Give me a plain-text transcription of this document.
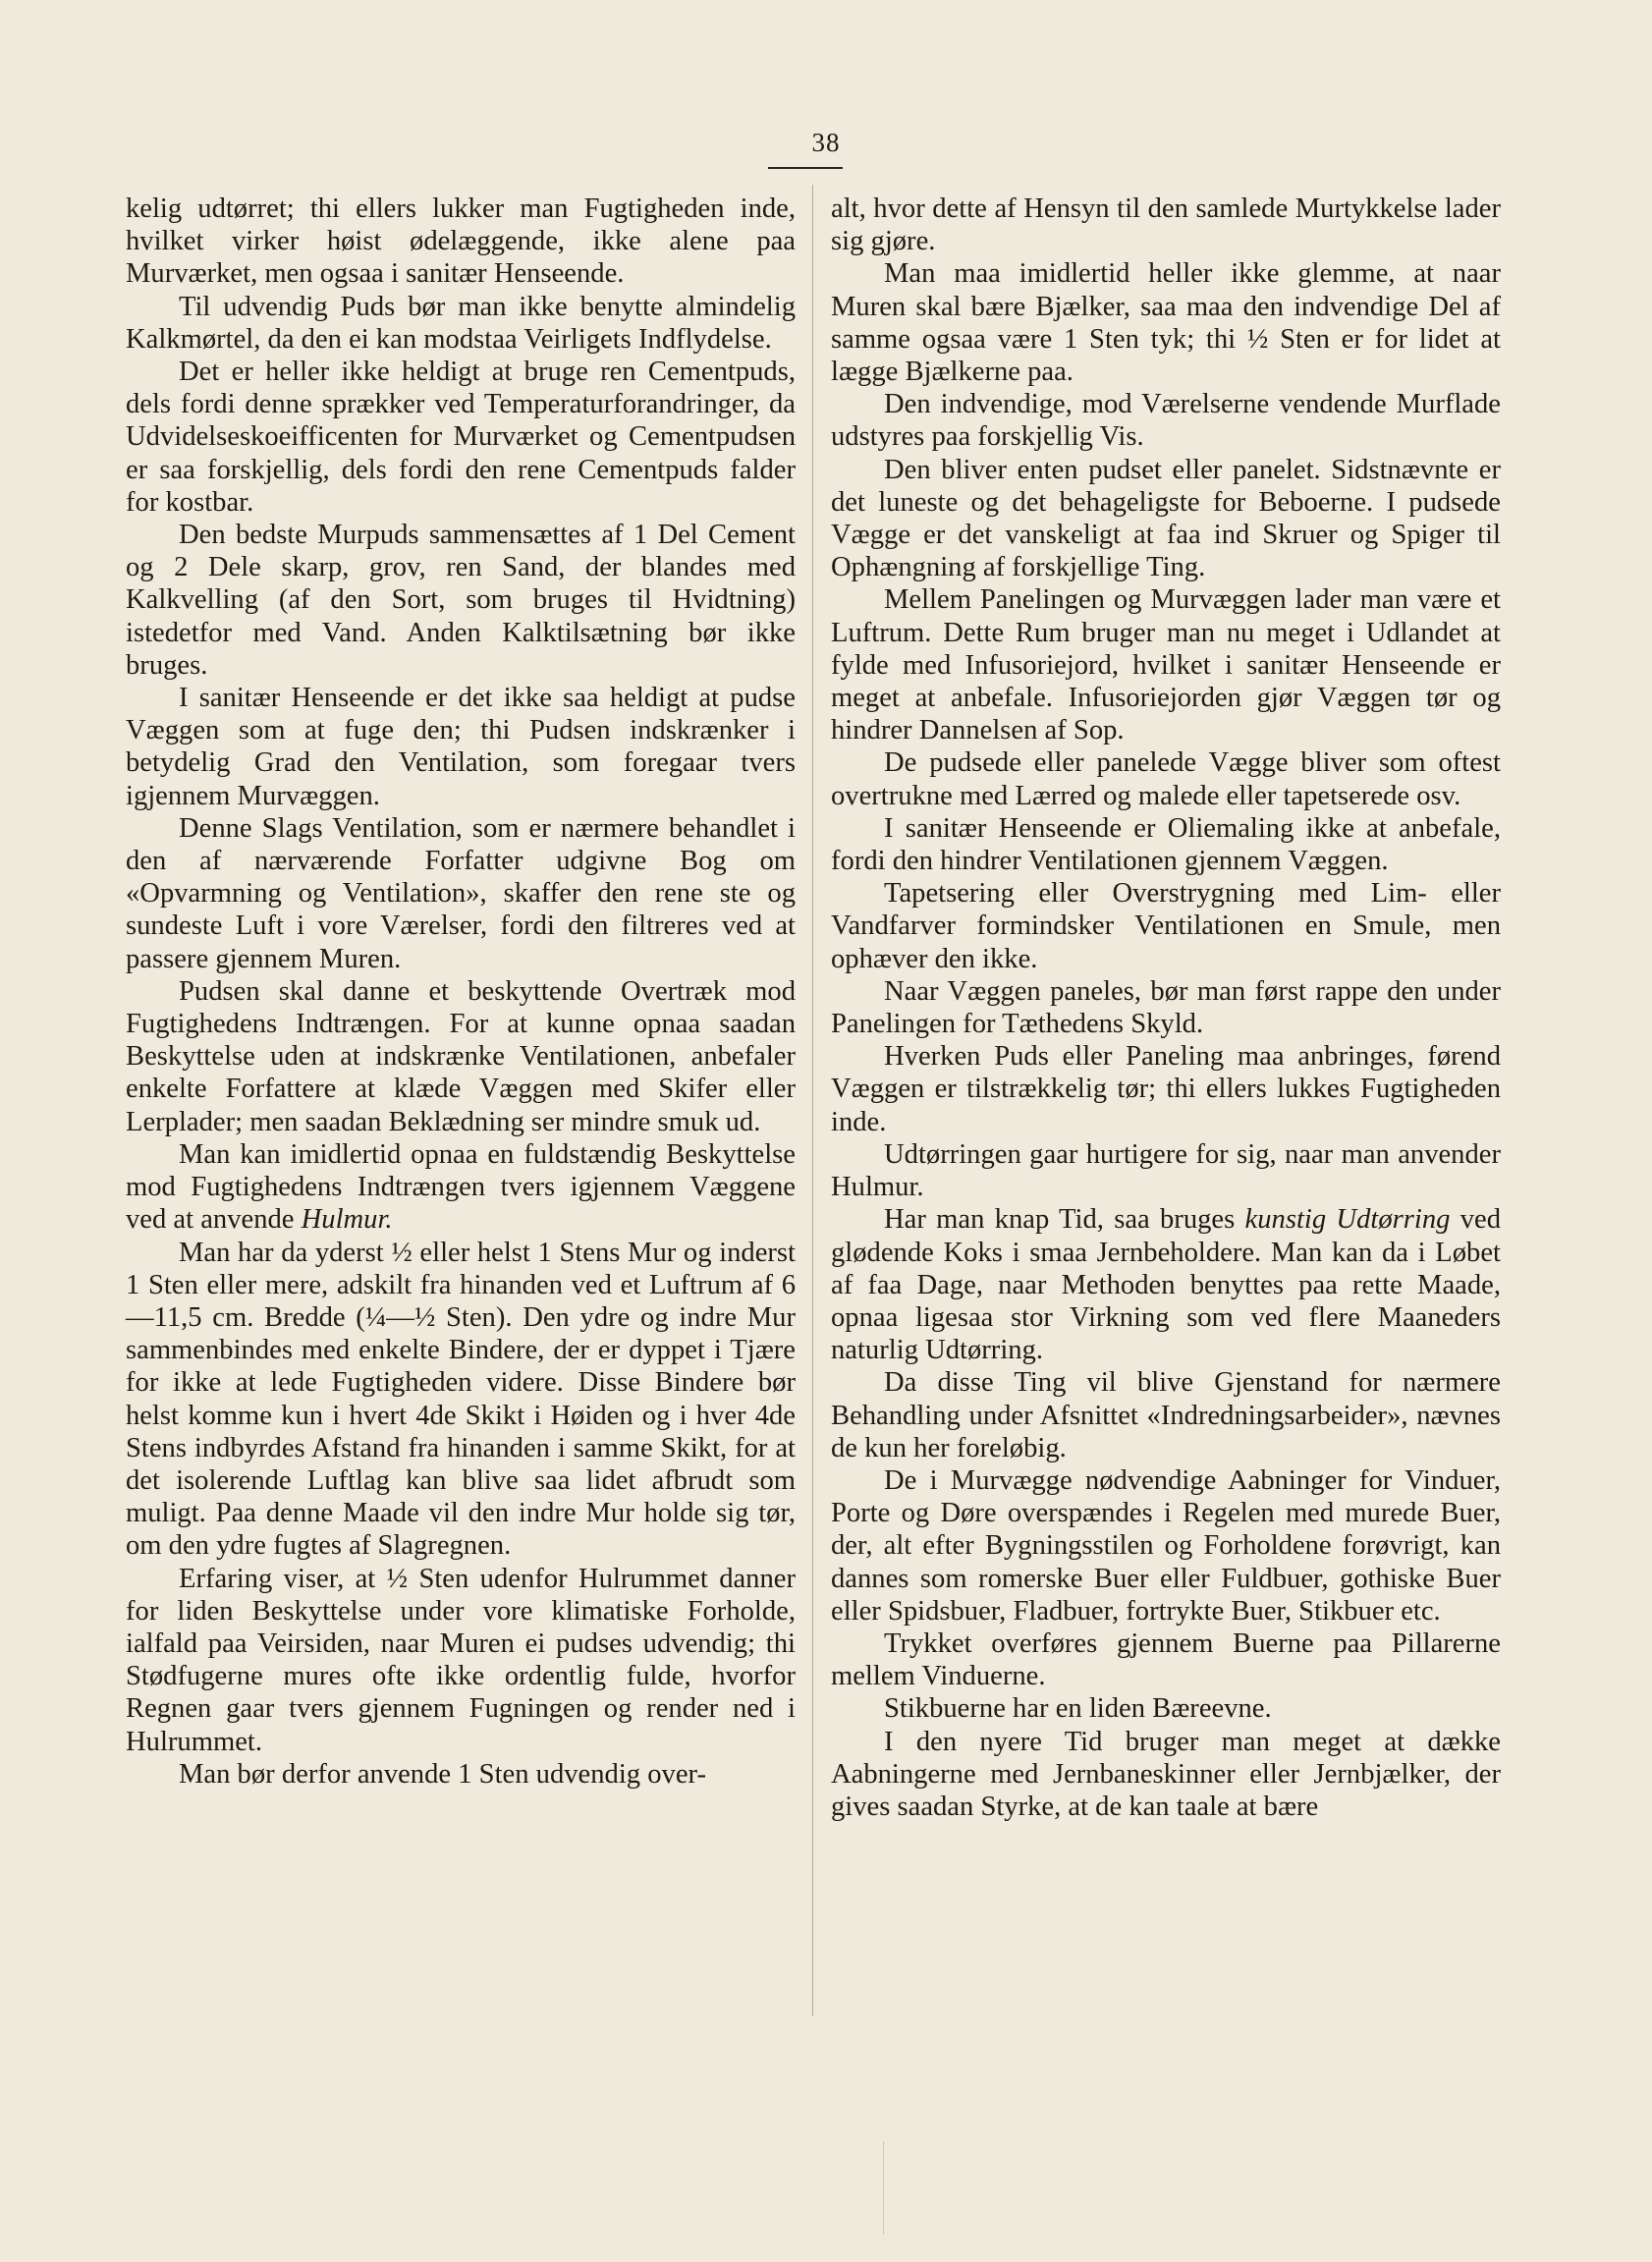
38

kelig udtørret; thi ellers lukker man Fugtigheden inde, hvilket virker høist ødelæggende, ikke alene paa Murværket, men ogsaa i sanitær Henseende.

Til udvendig Puds bør man ikke benytte almindelig Kalkmørtel, da den ei kan modstaa Veirligets Indflydelse.

Det er heller ikke heldigt at bruge ren Cementpuds, dels fordi denne sprækker ved Temperaturforandringer, da Udvidelseskoeifficenten for Murværket og Cementpudsen er saa forskjellig, dels fordi den rene Cementpuds falder for kostbar.

Den bedste Murpuds sammensættes af 1 Del Cement og 2 Dele skarp, grov, ren Sand, der blandes med Kalkvelling (af den Sort, som bruges til Hvidtning) istedetfor med Vand. Anden Kalktilsætning bør ikke bruges.

I sanitær Henseende er det ikke saa heldigt at pudse Væggen som at fuge den; thi Pudsen indskrænker i betydelig Grad den Ventilation, som foregaar tvers igjennem Murvæggen.

Denne Slags Ventilation, som er nærmere behandlet i den af nærværende Forfatter udgivne Bog om «Opvarmning og Ventilation», skaffer den rene ste og sundeste Luft i vore Værelser, fordi den filtreres ved at passere gjennem Muren.

Pudsen skal danne et beskyttende Overtræk mod Fugtighedens Indtrængen. For at kunne opnaa saadan Beskyttelse uden at indskrænke Ventilationen, anbefaler enkelte Forfattere at klæde Væggen med Skifer eller Lerplader; men saadan Beklædning ser mindre smuk ud.

Man kan imidlertid opnaa en fuldstændig Beskyttelse mod Fugtighedens Indtrængen tvers igjennem Væggene ved at anvende Hulmur.

Man har da yderst ½ eller helst 1 Stens Mur og inderst 1 Sten eller mere, adskilt fra hinanden ved et Luftrum af 6—11,5 cm. Bredde (¼—½ Sten). Den ydre og indre Mur sammenbindes med enkelte Bindere, der er dyppet i Tjære for ikke at lede Fugtigheden videre. Disse Bindere bør helst komme kun i hvert 4de Skikt i Høiden og i hver 4de Stens indbyrdes Afstand fra hinanden i samme Skikt, for at det isolerende Luftlag kan blive saa lidet afbrudt som muligt. Paa denne Maade vil den indre Mur holde sig tør, om den ydre fugtes af Slagregnen.

Erfaring viser, at ½ Sten udenfor Hulrummet danner for liden Beskyttelse under vore klimatiske Forholde, ialfald paa Veirsiden, naar Muren ei pudses udvendig; thi Stødfugerne mures ofte ikke ordentlig fulde, hvorfor Regnen gaar tvers gjennem Fugningen og render ned i Hulrummet.

Man bør derfor anvende 1 Sten udvendig over-

alt, hvor dette af Hensyn til den samlede Murtykkelse lader sig gjøre.

Man maa imidlertid heller ikke glemme, at naar Muren skal bære Bjælker, saa maa den indvendige Del af samme ogsaa være 1 Sten tyk; thi ½ Sten er for lidet at lægge Bjælkerne paa.

Den indvendige, mod Værelserne vendende Murflade udstyres paa forskjellig Vis.

Den bliver enten pudset eller panelet. Sidstnævnte er det luneste og det behageligste for Beboerne. I pudsede Vægge er det vanskeligt at faa ind Skruer og Spiger til Ophængning af forskjellige Ting.

Mellem Panelingen og Murvæggen lader man være et Luftrum. Dette Rum bruger man nu meget i Udlandet at fylde med Infusoriejord, hvilket i sanitær Henseende er meget at anbefale. Infusoriejorden gjør Væggen tør og hindrer Dannelsen af Sop.

De pudsede eller panelede Vægge bliver som oftest overtrukne med Lærred og malede eller tapetserede osv.

I sanitær Henseende er Oliemaling ikke at anbefale, fordi den hindrer Ventilationen gjennem Væggen.

Tapetsering eller Overstrygning med Lim- eller Vandfarver formindsker Ventilationen en Smule, men ophæver den ikke.

Naar Væggen paneles, bør man først rappe den under Panelingen for Tæthedens Skyld.

Hverken Puds eller Paneling maa anbringes, førend Væggen er tilstrækkelig tør; thi ellers lukkes Fugtigheden inde.

Udtørringen gaar hurtigere for sig, naar man anvender Hulmur.

Har man knap Tid, saa bruges kunstig Udtørring ved glødende Koks i smaa Jernbeholdere. Man kan da i Løbet af faa Dage, naar Methoden benyttes paa rette Maade, opnaa ligesaa stor Virkning som ved flere Maaneders naturlig Udtørring.

Da disse Ting vil blive Gjenstand for nærmere Behandling under Afsnittet «Indredningsarbeider», nævnes de kun her foreløbig.

De i Murvægge nødvendige Aabninger for Vinduer, Porte og Døre overspændes i Regelen med murede Buer, der, alt efter Bygningsstilen og Forholdene forøvrigt, kan dannes som romerske Buer eller Fuldbuer, gothiske Buer eller Spidsbuer, Fladbuer, fortrykte Buer, Stikbuer etc.

Trykket overføres gjennem Buerne paa Pillarerne mellem Vinduerne.

Stikbuerne har en liden Bæreevne.

I den nyere Tid bruger man meget at dække Aabningerne med Jernbaneskinner eller Jernbjælker, der gives saadan Styrke, at de kan taale at bære
